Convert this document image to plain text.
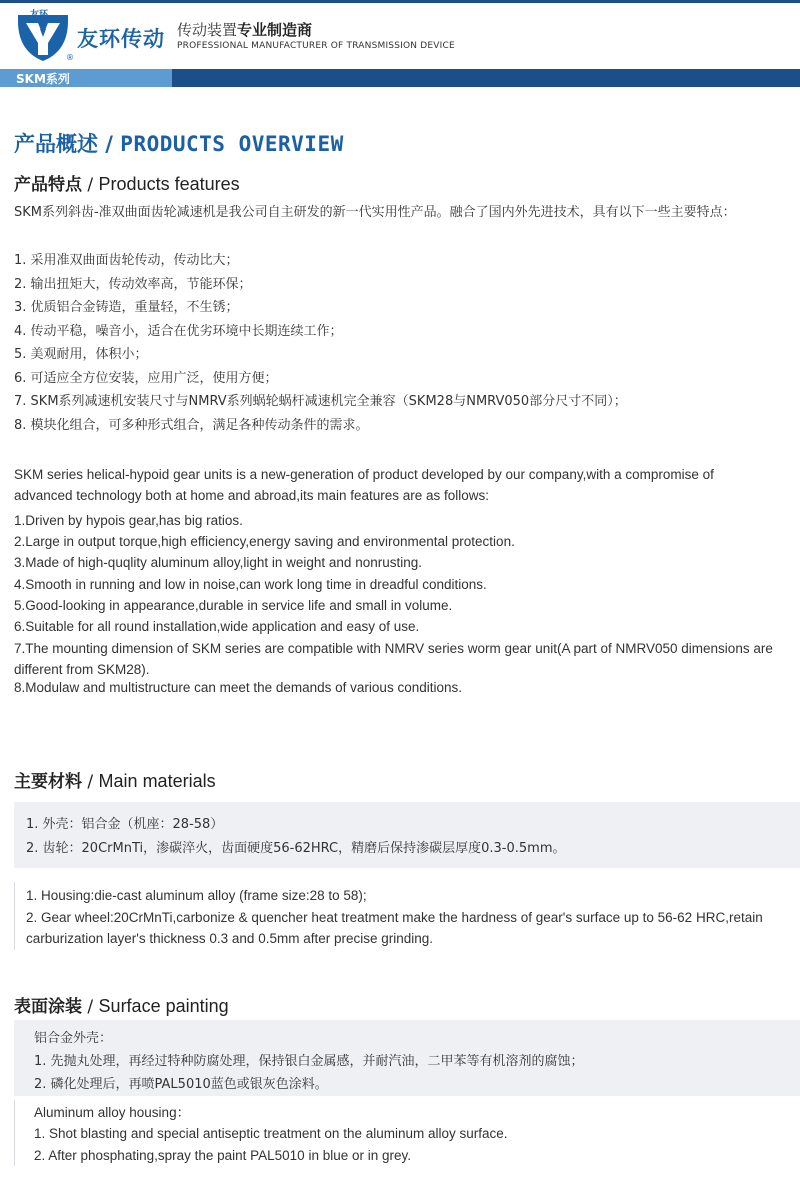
友环
®
友环传动 传动装置专业制造商
PROFESSIONAL MANUFACTURER OF TRANSMISSION DEVICE
SKM系列
产品概述 / PRODUCTS OVERVIEW
产品特点 / Products features
SKM系列斜齿-准双曲面齿轮减速机是我公司自主研发的新一代实用性产品。融合了国内外先进技术，具有以下一些主要特点：
1. 采用准双曲面齿轮传动，传动比大；
2. 输出扭矩大，传动效率高，节能环保；
3. 优质铝合金铸造，重量轻，不生锈；
4. 传动平稳，噪音小，适合在优劣环境中长期连续工作；
5. 美观耐用，体积小；
6. 可适应全方位安装，应用广泛，使用方便；
7. SKM系列减速机安装尺寸与NMRV系列蜗轮蜗杆减速机完全兼容（SKM28与NMRV050部分尺寸不同）；
8. 模块化组合，可多种形式组合，满足各种传动条件的需求。
SKM series helical-hypoid gear units is a new-generation of product developed by our company,with a compromise of advanced technology both at home and abroad,its main features are as follows:
1.Driven by hypois gear,has big ratios.
2.Large in output torque,high efficiency,energy saving and environmental protection.
3.Made of high-quqlity aluminum alloy,light in weight and nonrusting.
4.Smooth in running and low in noise,can work long time in dreadful conditions.
5.Good-looking in appearance,durable in service life and small in volume.
6.Suitable for all round installation,wide application and easy of use.
7.The mounting dimension of SKM series are compatible with NMRV series worm gear unit(A part of NMRV050 dimensions are different from SKM28).
8.Modulaw and multistructure can meet the demands of various conditions.
主要材料 / Main materials
1. 外壳：铝合金（机座：28-58）
2. 齿轮：20CrMnTi，渗碳淬火，齿面硬度56-62HRC，精磨后保持渗碳层厚度0.3-0.5mm。
1. Housing:die-cast aluminum alloy (frame size:28 to 58);
2. Gear wheel:20CrMnTi,carbonize & quencher heat treatment make the hardness of gear's surface up to 56-62 HRC,retain carburization layer's thickness 0.3 and 0.5mm after precise grinding.
表面涂装 / Surface painting
铝合金外壳：
1. 先抛丸处理，再经过特种防腐处理，保持银白金属感，并耐汽油，二甲苯等有机溶剂的腐蚀；
2. 磷化处理后，再喷PAL5010蓝色或银灰色涂料。
Aluminum alloy housing：
1. Shot blasting and special antiseptic treatment on the aluminum alloy surface.
2. After phosphating,spray the paint PAL5010 in blue or in grey.
